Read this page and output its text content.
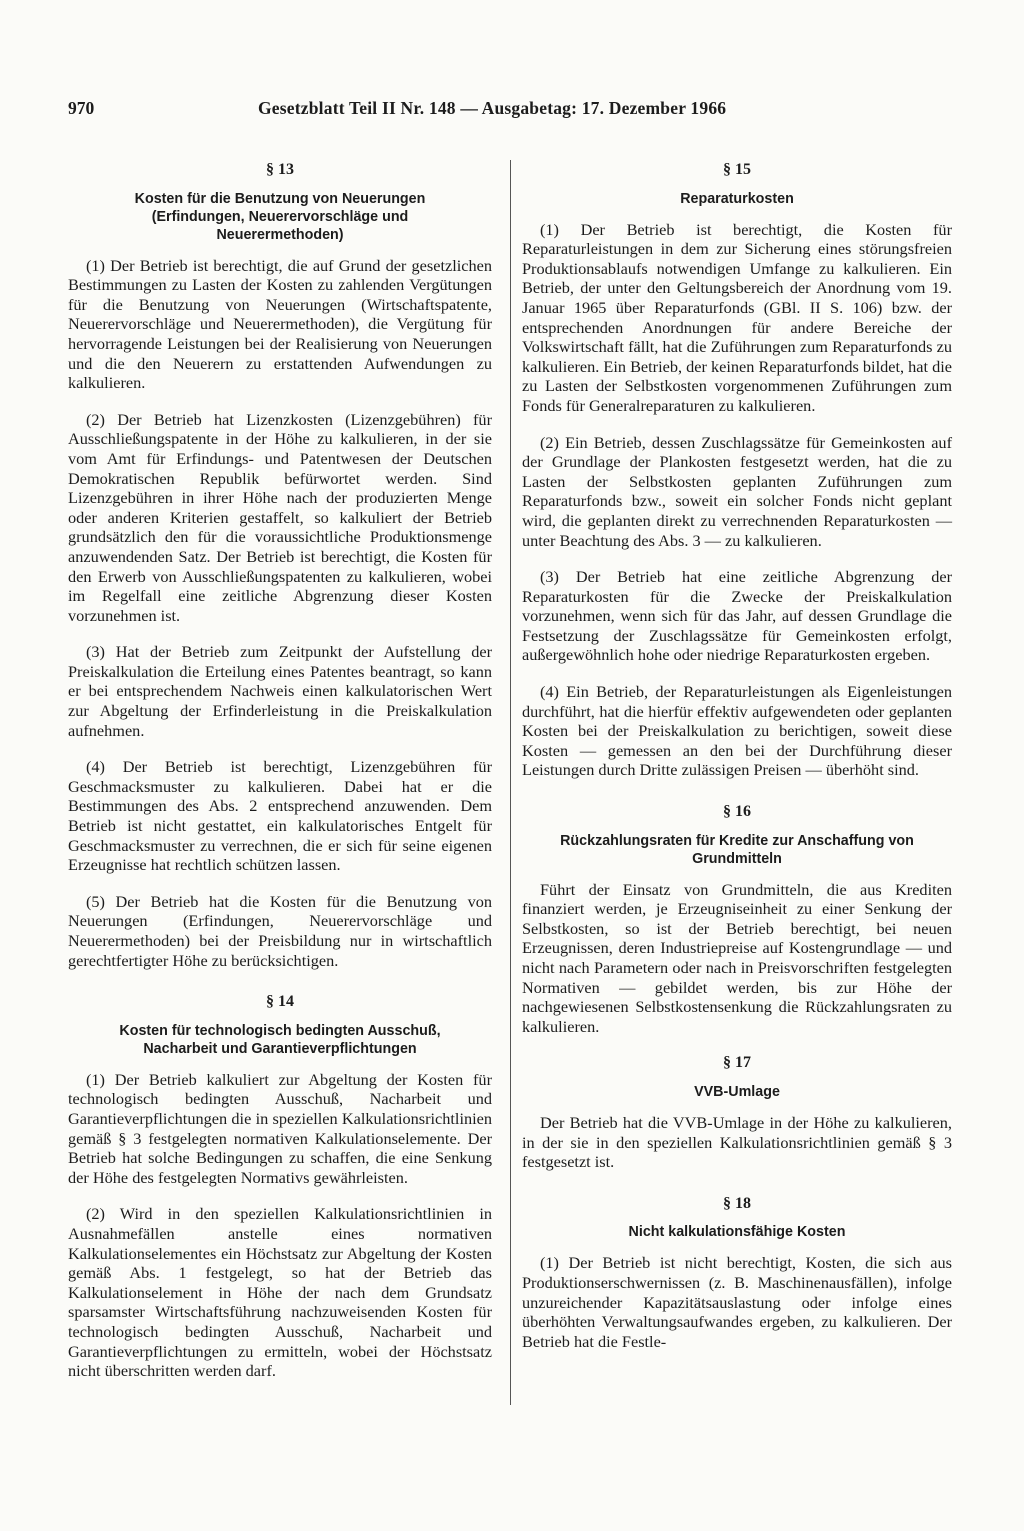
970	Gesetzblatt Teil II Nr. 148 — Ausgabetag: 17. Dezember 1966

§ 13

Kosten für die Benutzung von Neuerungen (Erfindungen, Neuerervorschläge und Neuerermethoden)

(1) Der Betrieb ist berechtigt, die auf Grund der gesetzlichen Bestimmungen zu Lasten der Kosten zu zahlenden Vergütungen für die Benutzung von Neuerungen (Wirtschaftspatente, Neuerervorschläge und Neuerermethoden), die Vergütung für hervorragende Leistungen bei der Realisierung von Neuerungen und die den Neuerern zu erstattenden Aufwendungen zu kalkulieren.

(2) Der Betrieb hat Lizenzkosten (Lizenzgebühren) für Ausschließungspatente in der Höhe zu kalkulieren, in der sie vom Amt für Erfindungs- und Patentwesen der Deutschen Demokratischen Republik befürwortet werden. Sind Lizenzgebühren in ihrer Höhe nach der produzierten Menge oder anderen Kriterien gestaffelt, so kalkuliert der Betrieb grundsätzlich den für die voraussichtliche Produktionsmenge anzuwendenden Satz. Der Betrieb ist berechtigt, die Kosten für den Erwerb von Ausschließungspatenten zu kalkulieren, wobei im Regelfall eine zeitliche Abgrenzung dieser Kosten vorzunehmen ist.

(3) Hat der Betrieb zum Zeitpunkt der Aufstellung der Preiskalkulation die Erteilung eines Patentes beantragt, so kann er bei entsprechendem Nachweis einen kalkulatorischen Wert zur Abgeltung der Erfinderleistung in die Preiskalkulation aufnehmen.

(4) Der Betrieb ist berechtigt, Lizenzgebühren für Geschmacksmuster zu kalkulieren. Dabei hat er die Bestimmungen des Abs. 2 entsprechend anzuwenden. Dem Betrieb ist nicht gestattet, ein kalkulatorisches Entgelt für Geschmacksmuster zu verrechnen, die er sich für seine eigenen Erzeugnisse hat rechtlich schützen lassen.

(5) Der Betrieb hat die Kosten für die Benutzung von Neuerungen (Erfindungen, Neuerervorschläge und Neuerermethoden) bei der Preisbildung nur in wirtschaftlich gerechtfertigter Höhe zu berücksichtigen.

§ 14

Kosten für technologisch bedingten Ausschuß, Nacharbeit und Garantieverpflichtungen

(1) Der Betrieb kalkuliert zur Abgeltung der Kosten für technologisch bedingten Ausschuß, Nacharbeit und Garantieverpflichtungen die in speziellen Kalkulationsrichtlinien gemäß § 3 festgelegten normativen Kalkulationselemente. Der Betrieb hat solche Bedingungen zu schaffen, die eine Senkung der Höhe des festgelegten Normativs gewährleisten.

(2) Wird in den speziellen Kalkulationsrichtlinien in Ausnahmefällen anstelle eines normativen Kalkulationselementes ein Höchstsatz zur Abgeltung der Kosten gemäß Abs. 1 festgelegt, so hat der Betrieb das Kalkulationselement in Höhe der nach dem Grundsatz sparsamster Wirtschaftsführung nachzuweisenden Kosten für technologisch bedingten Ausschuß, Nacharbeit und Garantieverpflichtungen zu ermitteln, wobei der Höchstsatz nicht überschritten werden darf.

§ 15

Reparaturkosten

(1) Der Betrieb ist berechtigt, die Kosten für Reparaturleistungen in dem zur Sicherung eines störungsfreien Produktionsablaufs notwendigen Umfange zu kalkulieren. Ein Betrieb, der unter den Geltungsbereich der Anordnung vom 19. Januar 1965 über Reparaturfonds (GBl. II S. 106) bzw. der entsprechenden Anordnungen für andere Bereiche der Volkswirtschaft fällt, hat die Zuführungen zum Reparaturfonds zu kalkulieren. Ein Betrieb, der keinen Reparaturfonds bildet, hat die zu Lasten der Selbstkosten vorgenommenen Zuführungen zum Fonds für Generalreparaturen zu kalkulieren.

(2) Ein Betrieb, dessen Zuschlagssätze für Gemeinkosten auf der Grundlage der Plankosten festgesetzt werden, hat die zu Lasten der Selbstkosten geplanten Zuführungen zum Reparaturfonds bzw., soweit ein solcher Fonds nicht geplant wird, die geplanten direkt zu verrechnenden Reparaturkosten — unter Beachtung des Abs. 3 — zu kalkulieren.

(3) Der Betrieb hat eine zeitliche Abgrenzung der Reparaturkosten für die Zwecke der Preiskalkulation vorzunehmen, wenn sich für das Jahr, auf dessen Grundlage die Festsetzung der Zuschlagssätze für Gemeinkosten erfolgt, außergewöhnlich hohe oder niedrige Reparaturkosten ergeben.

(4) Ein Betrieb, der Reparaturleistungen als Eigenleistungen durchführt, hat die hierfür effektiv aufgewendeten oder geplanten Kosten bei der Preiskalkulation zu berichtigen, soweit diese Kosten — gemessen an den bei der Durchführung dieser Leistungen durch Dritte zulässigen Preisen — überhöht sind.

§ 16

Rückzahlungsraten für Kredite zur Anschaffung von Grundmitteln

Führt der Einsatz von Grundmitteln, die aus Krediten finanziert werden, je Erzeugniseinheit zu einer Senkung der Selbstkosten, so ist der Betrieb berechtigt, bei neuen Erzeugnissen, deren Industriepreise auf Kostengrundlage — und nicht nach Parametern oder nach in Preisvorschriften festgelegten Normativen — gebildet werden, bis zur Höhe der nachgewiesenen Selbstkostensenkung die Rückzahlungsraten zu kalkulieren.

§ 17

VVB-Umlage

Der Betrieb hat die VVB-Umlage in der Höhe zu kalkulieren, in der sie in den speziellen Kalkulationsrichtlinien gemäß § 3 festgesetzt ist.

§ 18

Nicht kalkulationsfähige Kosten

(1) Der Betrieb ist nicht berechtigt, Kosten, die sich aus Produktionserschwernissen (z. B. Maschinenausfällen), infolge unzureichender Kapazitätsauslastung oder infolge eines überhöhten Verwaltungsaufwandes ergeben, zu kalkulieren. Der Betrieb hat die Festle-
